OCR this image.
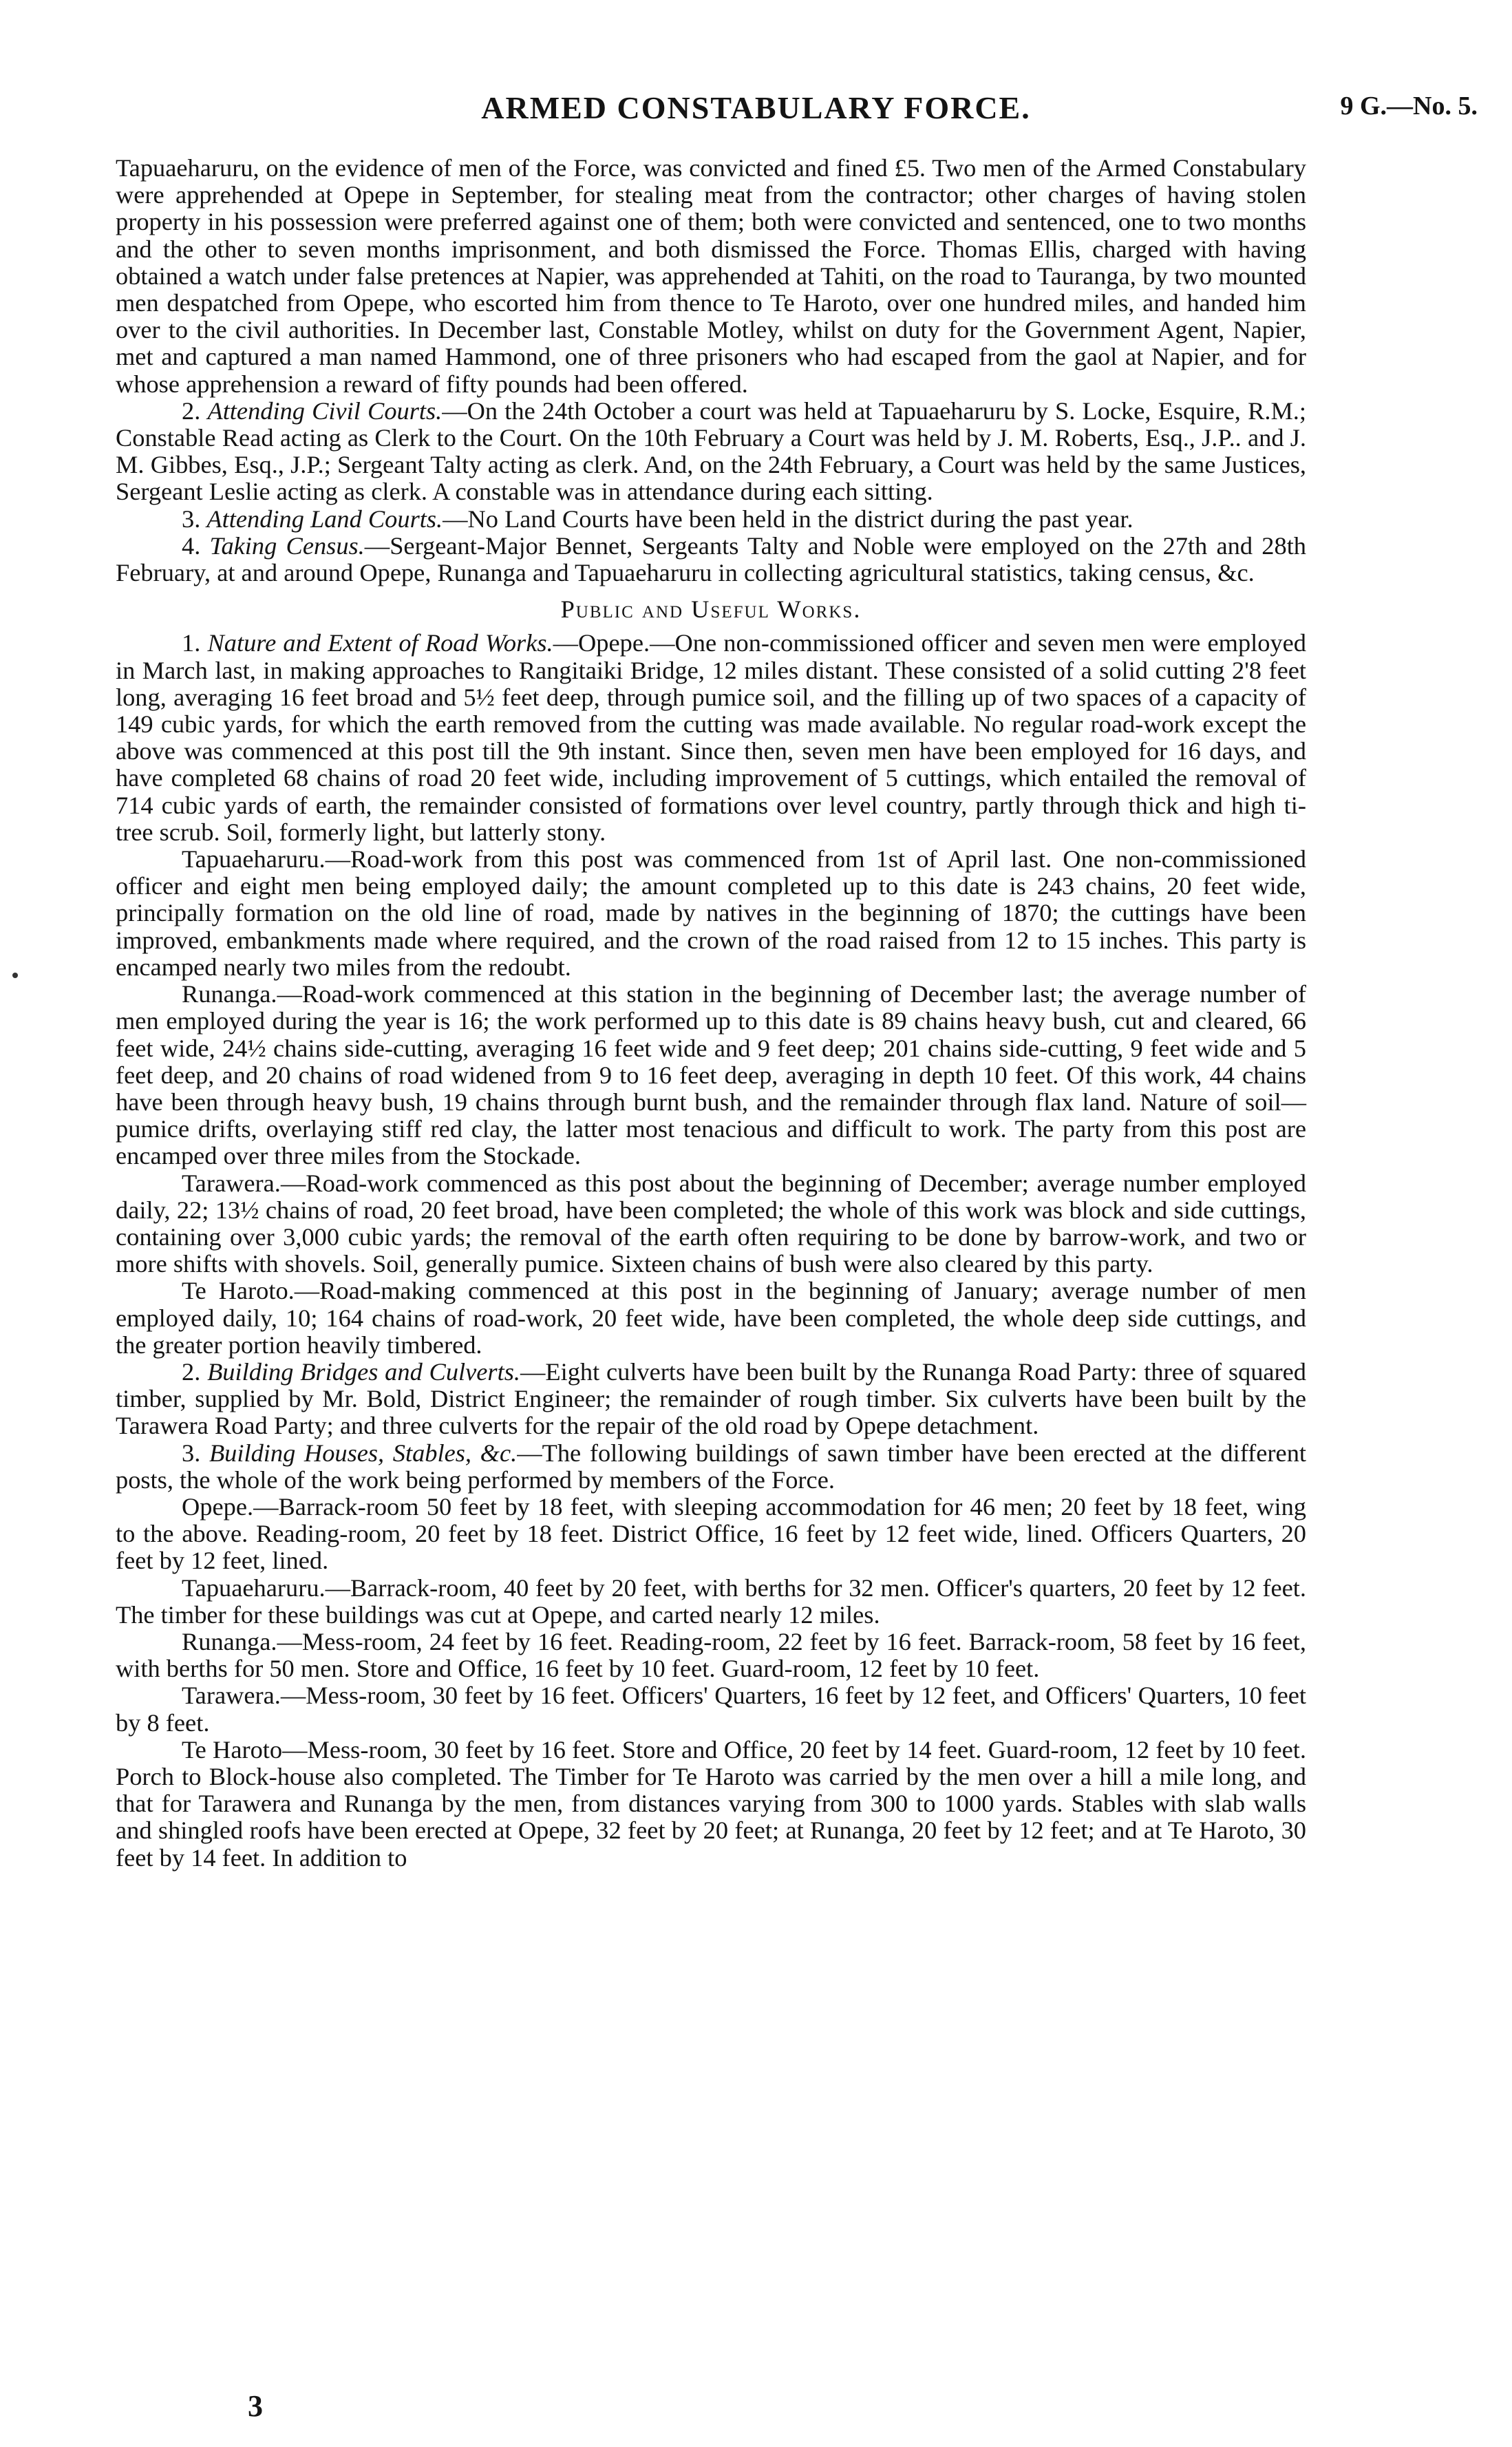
ARMED CONSTABULARY FORCE.	9 G.—No. 5.

Tapuaeharuru, on the evidence of men of the Force, was convicted and fined £5. Two men of the Armed Constabulary were apprehended at Opepe in September, for stealing meat from the contractor; other charges of having stolen property in his possession were preferred against one of them; both were convicted and sentenced, one to two months and the other to seven months imprisonment, and both dismissed the Force. Thomas Ellis, charged with having obtained a watch under false pretences at Napier, was apprehended at Tahiti, on the road to Tauranga, by two mounted men despatched from Opepe, who escorted him from thence to Te Haroto, over one hundred miles, and handed him over to the civil authorities. In December last, Constable Motley, whilst on duty for the Government Agent, Napier, met and captured a man named Hammond, one of three prisoners who had escaped from the gaol at Napier, and for whose apprehension a reward of fifty pounds had been offered.

2. Attending Civil Courts.—On the 24th October a court was held at Tapuaeharuru by S. Locke, Esquire, R.M.; Constable Read acting as Clerk to the Court. On the 10th February a Court was held by J. M. Roberts, Esq., J.P.. and J. M. Gibbes, Esq., J.P.; Sergeant Talty acting as clerk. And, on the 24th February, a Court was held by the same Justices, Sergeant Leslie acting as clerk. A constable was in attendance during each sitting.

3. Attending Land Courts.—No Land Courts have been held in the district during the past year.

4. Taking Census.—Sergeant-Major Bennet, Sergeants Talty and Noble were employed on the 27th and 28th February, at and around Opepe, Runanga and Tapuaeharuru in collecting agricultural statistics, taking census, &c.

Public and Useful Works.

1. Nature and Extent of Road Works.—Opepe.—One non-commissioned officer and seven men were employed in March last, in making approaches to Rangitaiki Bridge, 12 miles distant. These consisted of a solid cutting 2'8 feet long, averaging 16 feet broad and 5½ feet deep, through pumice soil, and the filling up of two spaces of a capacity of 149 cubic yards, for which the earth removed from the cutting was made available. No regular road-work except the above was commenced at this post till the 9th instant. Since then, seven men have been employed for 16 days, and have completed 68 chains of road 20 feet wide, including improvement of 5 cuttings, which entailed the removal of 714 cubic yards of earth, the remainder consisted of formations over level country, partly through thick and high ti-tree scrub. Soil, formerly light, but latterly stony.

Tapuaeharuru.—Road-work from this post was commenced from 1st of April last. One non-commissioned officer and eight men being employed daily; the amount completed up to this date is 243 chains, 20 feet wide, principally formation on the old line of road, made by natives in the beginning of 1870; the cuttings have been improved, embankments made where required, and the crown of the road raised from 12 to 15 inches. This party is encamped nearly two miles from the redoubt.

Runanga.—Road-work commenced at this station in the beginning of December last; the average number of men employed during the year is 16; the work performed up to this date is 89 chains heavy bush, cut and cleared, 66 feet wide, 24½ chains side-cutting, averaging 16 feet wide and 9 feet deep; 201 chains side-cutting, 9 feet wide and 5 feet deep, and 20 chains of road widened from 9 to 16 feet deep, averaging in depth 10 feet. Of this work, 44 chains have been through heavy bush, 19 chains through burnt bush, and the remainder through flax land. Nature of soil—pumice drifts, overlaying stiff red clay, the latter most tenacious and difficult to work. The party from this post are encamped over three miles from the Stockade.

Tarawera.—Road-work commenced as this post about the beginning of December; average number employed daily, 22; 13½ chains of road, 20 feet broad, have been completed; the whole of this work was block and side cuttings, containing over 3,000 cubic yards; the removal of the earth often requiring to be done by barrow-work, and two or more shifts with shovels. Soil, generally pumice. Sixteen chains of bush were also cleared by this party.

Te Haroto.—Road-making commenced at this post in the beginning of January; average number of men employed daily, 10; 164 chains of road-work, 20 feet wide, have been completed, the whole deep side cuttings, and the greater portion heavily timbered.

2. Building Bridges and Culverts.—Eight culverts have been built by the Runanga Road Party: three of squared timber, supplied by Mr. Bold, District Engineer; the remainder of rough timber. Six culverts have been built by the Tarawera Road Party; and three culverts for the repair of the old road by Opepe detachment.

3. Building Houses, Stables, &c.—The following buildings of sawn timber have been erected at the different posts, the whole of the work being performed by members of the Force.

Opepe.—Barrack-room 50 feet by 18 feet, with sleeping accommodation for 46 men; 20 feet by 18 feet, wing to the above. Reading-room, 20 feet by 18 feet. District Office, 16 feet by 12 feet wide, lined. Officers Quarters, 20 feet by 12 feet, lined.

Tapuaeharuru.—Barrack-room, 40 feet by 20 feet, with berths for 32 men. Officer's quarters, 20 feet by 12 feet. The timber for these buildings was cut at Opepe, and carted nearly 12 miles.

Runanga.—Mess-room, 24 feet by 16 feet. Reading-room, 22 feet by 16 feet. Barrack-room, 58 feet by 16 feet, with berths for 50 men. Store and Office, 16 feet by 10 feet. Guard-room, 12 feet by 10 feet.

Tarawera.—Mess-room, 30 feet by 16 feet. Officers' Quarters, 16 feet by 12 feet, and Officers' Quarters, 10 feet by 8 feet.

Te Haroto—Mess-room, 30 feet by 16 feet. Store and Office, 20 feet by 14 feet. Guard-room, 12 feet by 10 feet. Porch to Block-house also completed. The Timber for Te Haroto was carried by the men over a hill a mile long, and that for Tarawera and Runanga by the men, from distances varying from 300 to 1000 yards. Stables with slab walls and shingled roofs have been erected at Opepe, 32 feet by 20 feet; at Runanga, 20 feet by 12 feet; and at Te Haroto, 30 feet by 14 feet. In addition to

3
